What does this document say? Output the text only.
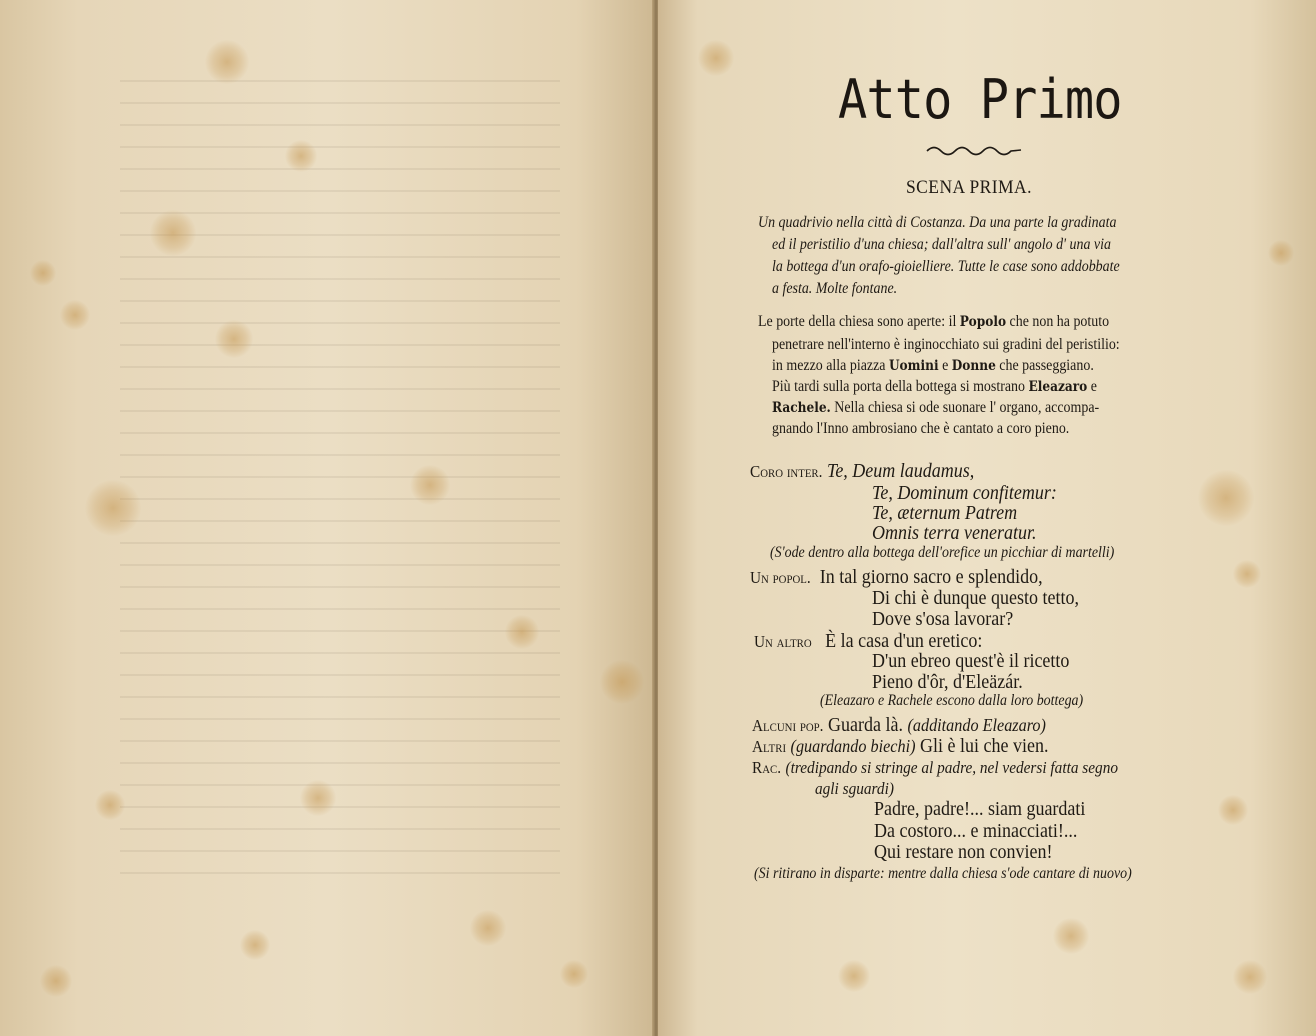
Atto Primo
SCENA PRIMA.
Un quadrivio nella città di Costanza. Da una parte la gradinata
ed il peristilio d'una chiesa; dall'altra sull' angolo d' una via
la bottega d'un orafo-gioielliere. Tutte le case sono addobbate
a festa. Molte fontane.
Le porte della chiesa sono aperte: il Popolo che non ha potuto
penetrare nell'interno è inginocchiato sui gradini del peristilio:
in mezzo alla piazza Uomini e Donne che passeggiano.
Più tardi sulla porta della bottega si mostrano Eleazaro e
Rachele. Nella chiesa si ode suonare l' organo, accompa-
gnando l'Inno ambrosiano che è cantato a coro pieno.
Coro inter. Te, Deum laudamus,
Te, Dominum confitemur:
Te, æternum Patrem
Omnis terra veneratur.
(S'ode dentro alla bottega dell'orefice un picchiar di martelli)
Un popol. In tal giorno sacro e splendido,
Di chi è dunque questo tetto,
Dove s'osa lavorar?
Un altro È la casa d'un eretico:
D'un ebreo quest'è il ricetto
Pieno d'ôr, d'Eleäzár.
(Eleazaro e Rachele escono dalla loro bottega)
Alcuni pop. Guarda là. (additando Eleazaro)
Altri (guardando biechi) Gli è lui che vien.
Rac. (tredipando si stringe al padre, nel vedersi fatta segno
agli sguardi)
Padre, padre!... siam guardati
Da costoro... e minacciati!...
Qui restare non convien!
(Si ritirano in disparte: mentre dalla chiesa s'ode cantare di nuovo)
